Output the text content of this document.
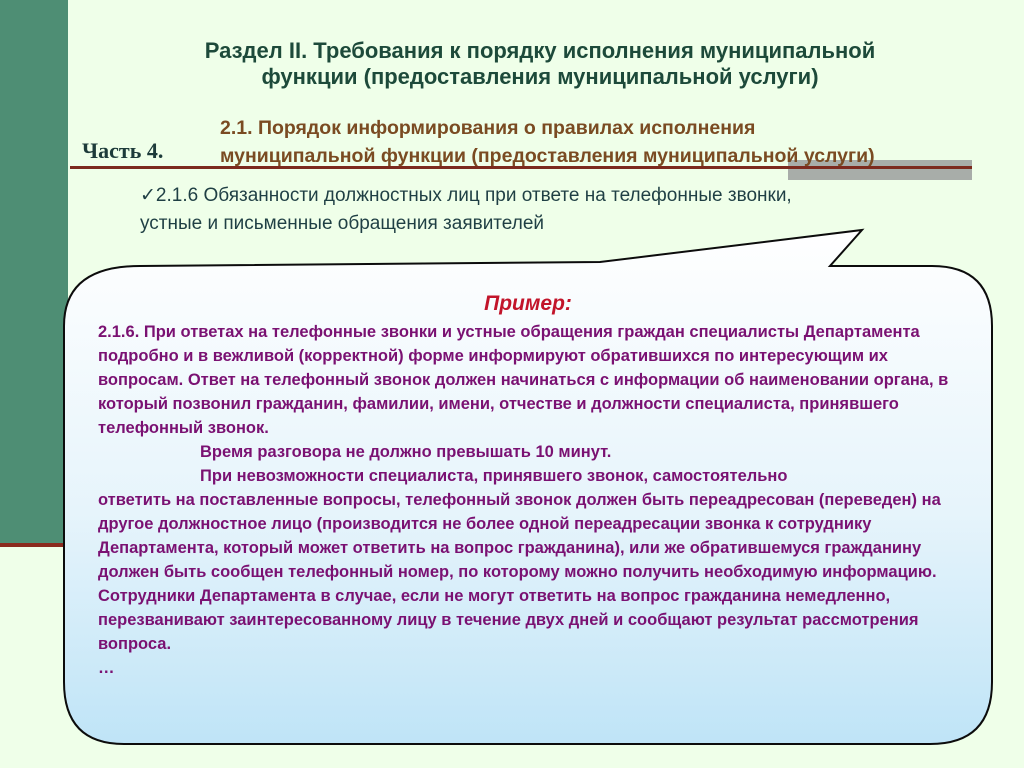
Раздел II. Требования к порядку исполнения муниципальной
функции (предоставления муниципальной услуги)
Часть 4.
2.1. Порядок информирования о правилах исполнения
муниципальной функции (предоставления муниципальной услуги)
✓2.1.6 Обязанности должностных лиц при ответе на телефонные звонки,
устные и письменные обращения заявителей
Пример:

2.1.6. При ответах на телефонные звонки и устные обращения граждан специалисты Департамента подробно и в вежливой (корректной) форме информируют обратившихся по интересующим их вопросам. Ответ на телефонный звонок должен начинаться с информации об наименовании органа, в который позвонил гражданин, фамилии, имени, отчестве и должности специалиста, принявшего телефонный звонок.

Время разговора не должно превышать 10 минут.
При невозможности специалиста, принявшего звонок, самостоятельно

ответить на поставленные вопросы, телефонный звонок должен быть переадресован (переведен) на другое должностное лицо (производится не более одной переадресации звонка к сотруднику Департамента, который может ответить на вопрос гражданина), или же обратившемуся гражданину должен быть сообщен телефонный номер, по которому можно получить необходимую информацию. Сотрудники Департамента в случае, если не могут ответить на вопрос гражданина немедленно, перезванивают заинтересованному лицу в течение двух дней и сообщают результат рассмотрения вопроса.

…
